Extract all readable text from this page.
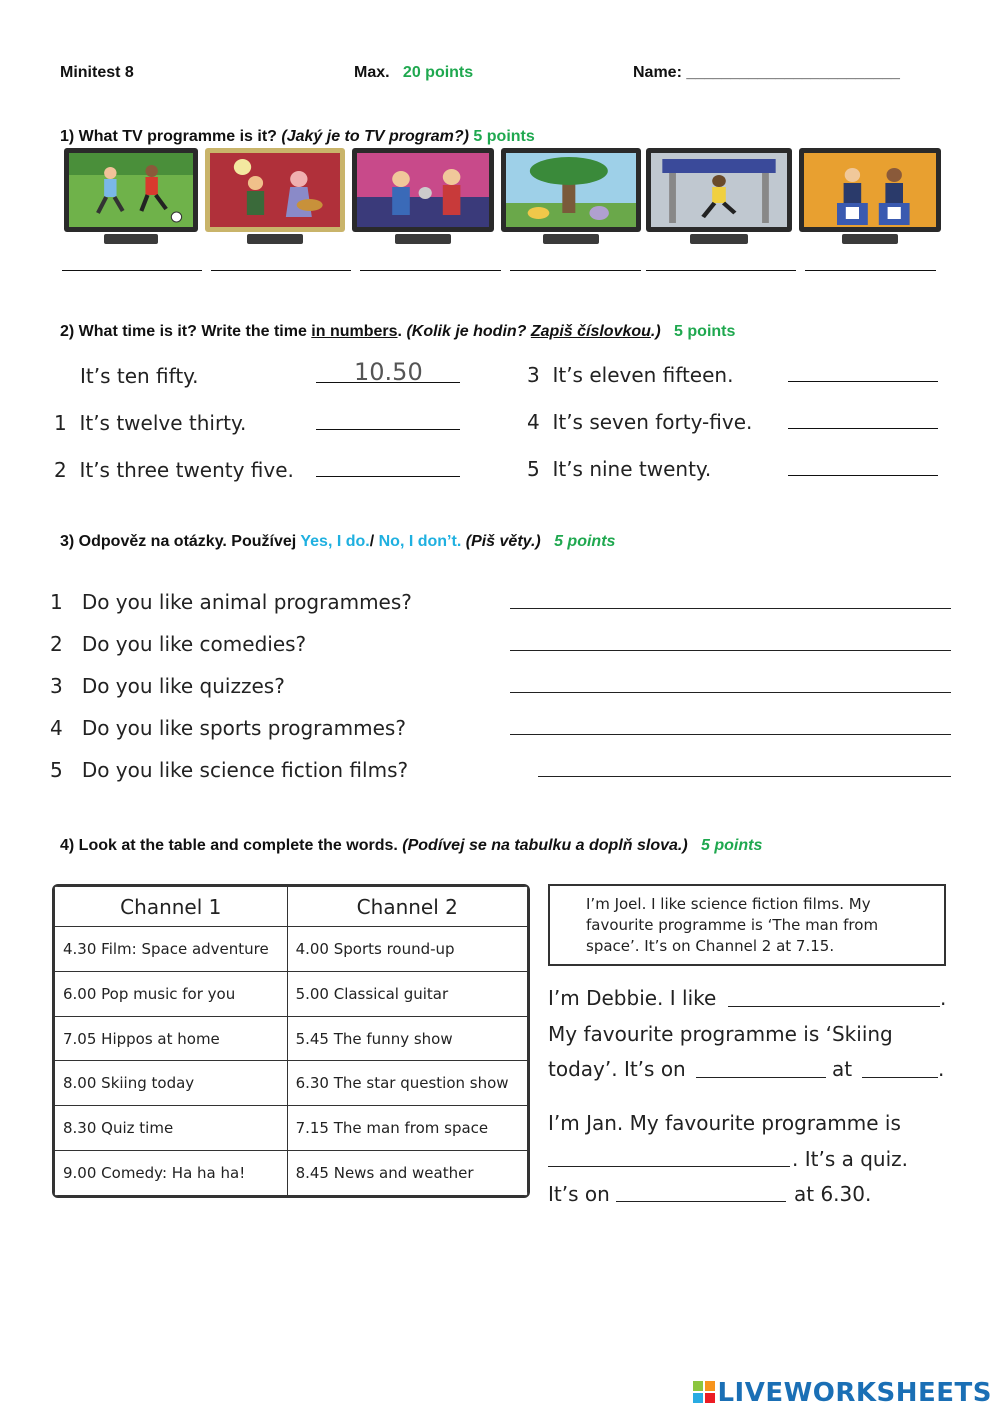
Minitest 8	Max. 20 points	Name: ________________________
1) What TV programme is it? (Jaký je to TV program?) 5 points
2) What time is it? Write the time in numbers. (Kolik je hodin? Zapiš číslovkou.) 5 points
It’s ten fifty.	10.50
1 It’s twelve thirty.
2 It’s three twenty five.
3 It’s eleven fifteen.
4 It’s seven forty-five.
5 It’s nine twenty.
3) Odpověz na otázky. Používej Yes, I do./ No, I don’t. (Piš věty.) 5 points
1 Do you like animal programmes?
2 Do you like comedies?
3 Do you like quizzes?
4 Do you like sports programmes?
5 Do you like science fiction films?
4) Look at the table and complete the words. (Podívej se na tabulku a doplň slova.) 5 points
Channel 1	Channel 2
4.30 Film: Space adventure	4.00 Sports round-up
6.00 Pop music for you	5.00 Classical guitar
7.05 Hippos at home	5.45 The funny show
8.00 Skiing today	6.30 The star question show
8.30 Quiz time	7.15 The man from space
9.00 Comedy: Ha ha ha!	8.45 News and weather
I’m Joel. I like science fiction films. My
favourite programme is ‘The man from
space’. It’s on Channel 2 at 7.15.
I’m Debbie. I like	.
My favourite programme is ‘Skiing
today’. It’s on	at	.
I’m Jan. My favourite programme is
. It’s a quiz.
It’s on	at 6.30.
LIVEWORKSHEETS
